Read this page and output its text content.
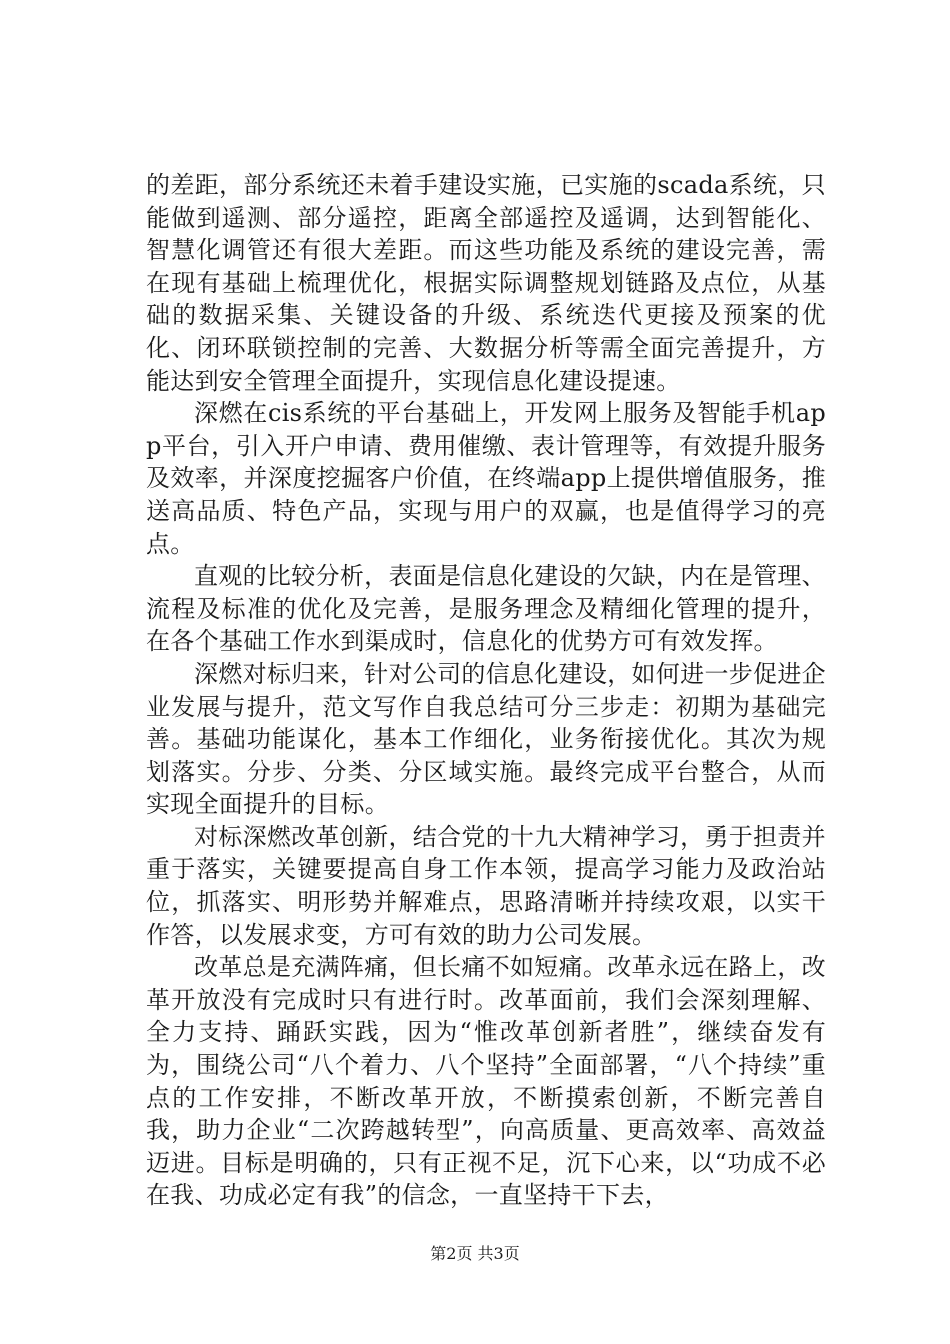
的差距，部分系统还未着手建设实施，已实施的scada系统，只能做到遥测、部分遥控，距离全部遥控及遥调，达到智能化、智慧化调管还有很大差距。而这些功能及系统的建设完善，需在现有基础上梳理优化，根据实际调整规划链路及点位，从基础的数据采集、关键设备的升级、系统迭代更接及预案的优化、闭环联锁控制的完善、大数据分析等需全面完善提升，方能达到安全管理全面提升，实现信息化建设提速。

深燃在cis系统的平台基础上，开发网上服务及智能手机app平台，引入开户申请、费用催缴、表计管理等，有效提升服务及效率，并深度挖掘客户价值，在终端app上提供增值服务，推送高品质、特色产品，实现与用户的双赢，也是值得学习的亮点。

直观的比较分析，表面是信息化建设的欠缺，内在是管理、流程及标准的优化及完善，是服务理念及精细化管理的提升，在各个基础工作水到渠成时，信息化的优势方可有效发挥。

深燃对标归来，针对公司的信息化建设，如何进一步促进企业发展与提升，范文写作自我总结可分三步走：初期为基础完善。基础功能谋化，基本工作细化，业务衔接优化。其次为规划落实。分步、分类、分区域实施。最终完成平台整合，从而实现全面提升的目标。

对标深燃改革创新，结合党的十九大精神学习，勇于担责并重于落实，关键要提高自身工作本领，提高学习能力及政治站位，抓落实、明形势并解难点，思路清晰并持续攻艰，以实干作答，以发展求变，方可有效的助力公司发展。

改革总是充满阵痛，但长痛不如短痛。改革永远在路上，改革开放没有完成时只有进行时。改革面前，我们会深刻理解、全力支持、踊跃实践，因为“惟改革创新者胜”，继续奋发有为，围绕公司“八个着力、八个坚持”全面部署，“八个持续”重点的工作安排，不断改革开放，不断摸索创新，不断完善自我，助力企业“二次跨越转型”，向高质量、更高效率、高效益迈进。目标是明确的，只有正视不足，沉下心来，以“功成不必在我、功成必定有我”的信念，一直坚持干下去，

第2页 共3页
